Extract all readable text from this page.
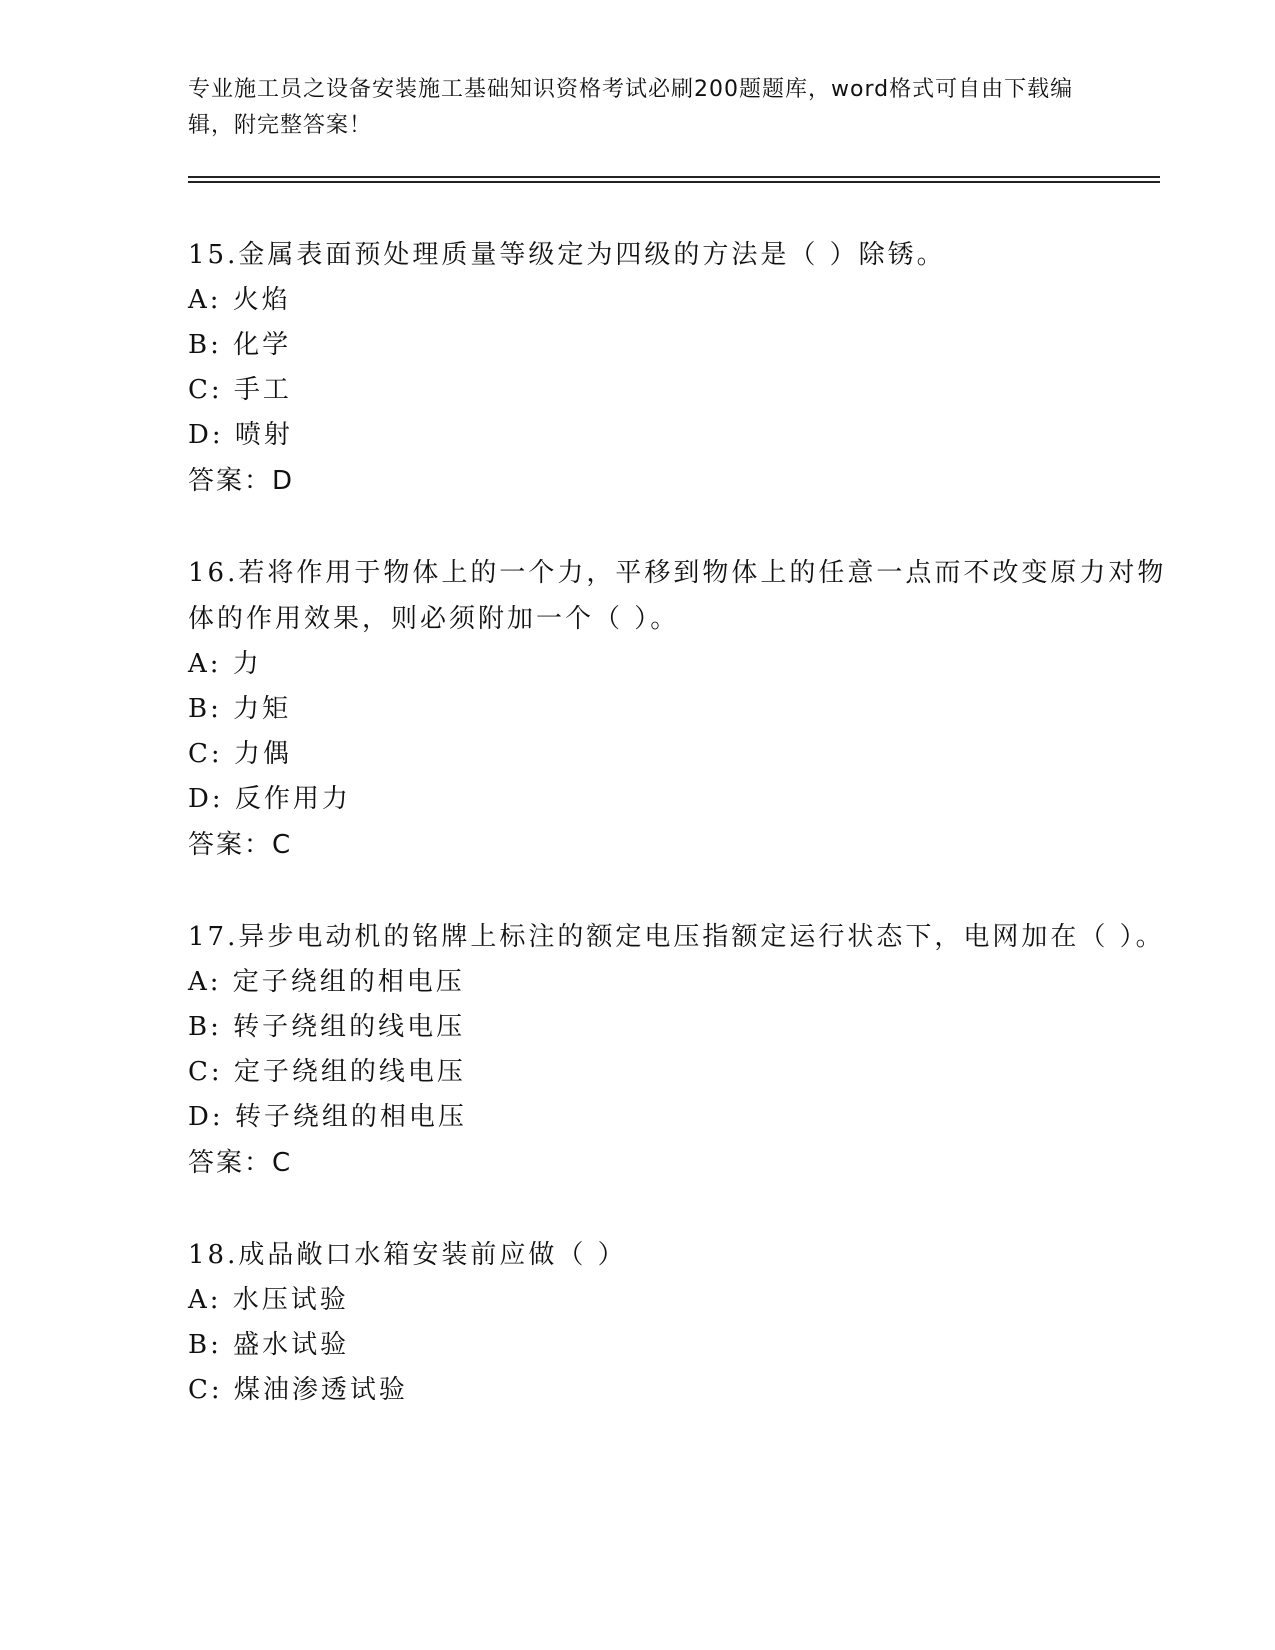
专业施工员之设备安装施工基础知识资格考试必刷200题题库，word格式可自由下载编辑，附完整答案！
15.金属表面预处理质量等级定为四级的方法是（ ）除锈。
A: 火焰
B: 化学
C: 手工
D: 喷射
答案：D
16.若将作用于物体上的一个力，平移到物体上的任意一点而不改变原力对物体的作用效果，则必须附加一个（ ）。
A: 力
B: 力矩
C: 力偶
D: 反作用力
答案：C
17.异步电动机的铭牌上标注的额定电压指额定运行状态下，电网加在（ ）。
A: 定子绕组的相电压
B: 转子绕组的线电压
C: 定子绕组的线电压
D: 转子绕组的相电压
答案：C
18.成品敞口水箱安装前应做（ ）
A: 水压试验
B: 盛水试验
C: 煤油渗透试验
